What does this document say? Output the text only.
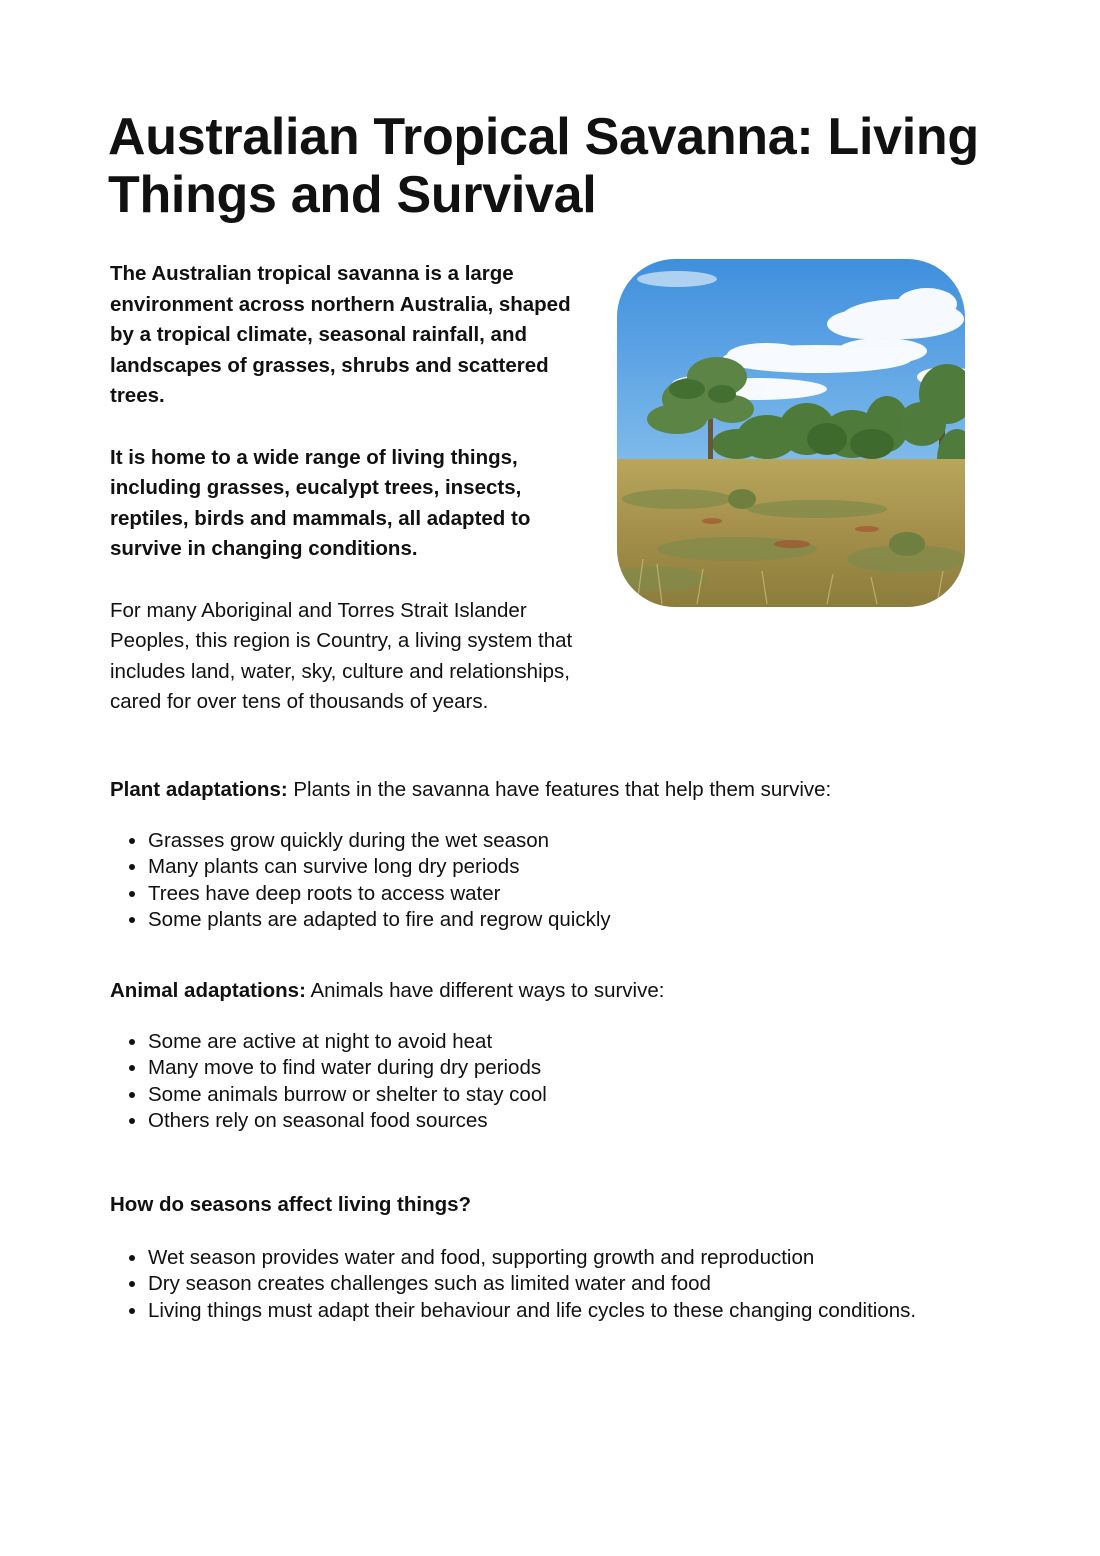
Australian Tropical Savanna: Living Things and Survival

The Australian tropical savanna is a large environment across northern Australia, shaped by a tropical climate, seasonal rainfall, and landscapes of grasses, shrubs and scattered trees.

It is home to a wide range of living things, including grasses, eucalypt trees, insects, reptiles, birds and mammals, all adapted to survive in changing conditions.

For many Aboriginal and Torres Strait Islander Peoples, this region is Country, a living system that includes land, water, sky, culture and relationships, cared for over tens of thousands of years.

Plant adaptations: Plants in the savanna have features that help them survive:

• Grasses grow quickly during the wet season
• Many plants can survive long dry periods
• Trees have deep roots to access water
• Some plants are adapted to fire and regrow quickly

Animal adaptations: Animals have different ways to survive:

• Some are active at night to avoid heat
• Many move to find water during dry periods
• Some animals burrow or shelter to stay cool
• Others rely on seasonal food sources

How do seasons affect living things?

• Wet season provides water and food, supporting growth and reproduction
• Dry season creates challenges such as limited water and food
• Living things must adapt their behaviour and life cycles to these changing conditions.
